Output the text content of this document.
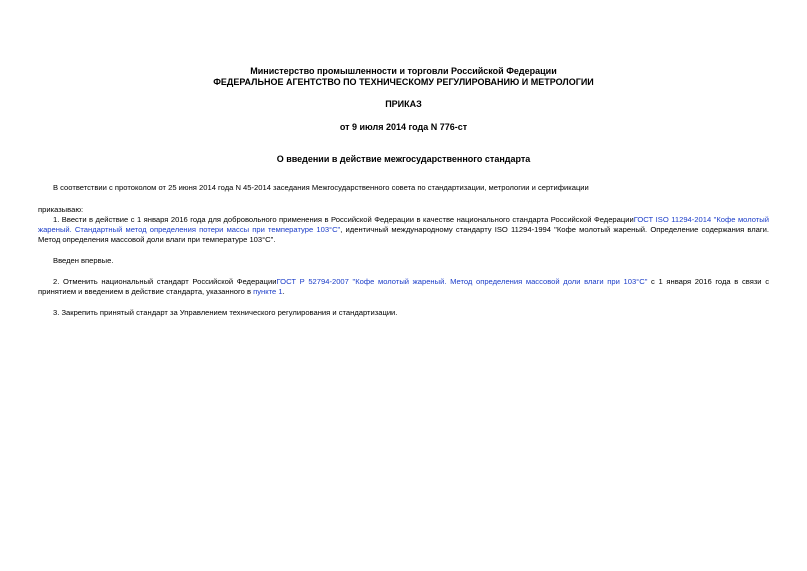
Министерство промышленности и торговли Российской Федерации
ФЕДЕРАЛЬНОЕ АГЕНТСТВО ПО ТЕХНИЧЕСКОМУ РЕГУЛИРОВАНИЮ И МЕТРОЛОГИИ
ПРИКАЗ
от 9 июля 2014 года N 776-ст
О введении в действие межгосударственного стандарта
В соответствии с протоколом от 25 июня 2014 года N 45-2014 заседания Межгосударственного совета по стандартизации, метрологии и сертификации
приказываю:
1. Ввести в действие с 1 января 2016 года для добровольного применения в Российской Федерации в качестве национального стандарта Российской ФедерацииГОСТ ISO 11294-2014 "Кофе молотый жареный. Стандартный метод определения потери массы при температуре 103°С", идентичный международному стандарту ISO 11294-1994 "Кофе молотый жареный. Определение содержания влаги. Метод определения массовой доли влаги при температуре 103°С".
Введен впервые.
2. Отменить национальный стандарт Российской ФедерацииГОСТ Р 52794-2007 "Кофе молотый жареный. Метод определения массовой доли влаги при 103°С" с 1 января 2016 года в связи с принятием и введением в действие стандарта, указанного в пункте 1.
3. Закрепить принятый стандарт за Управлением технического регулирования и стандартизации.
